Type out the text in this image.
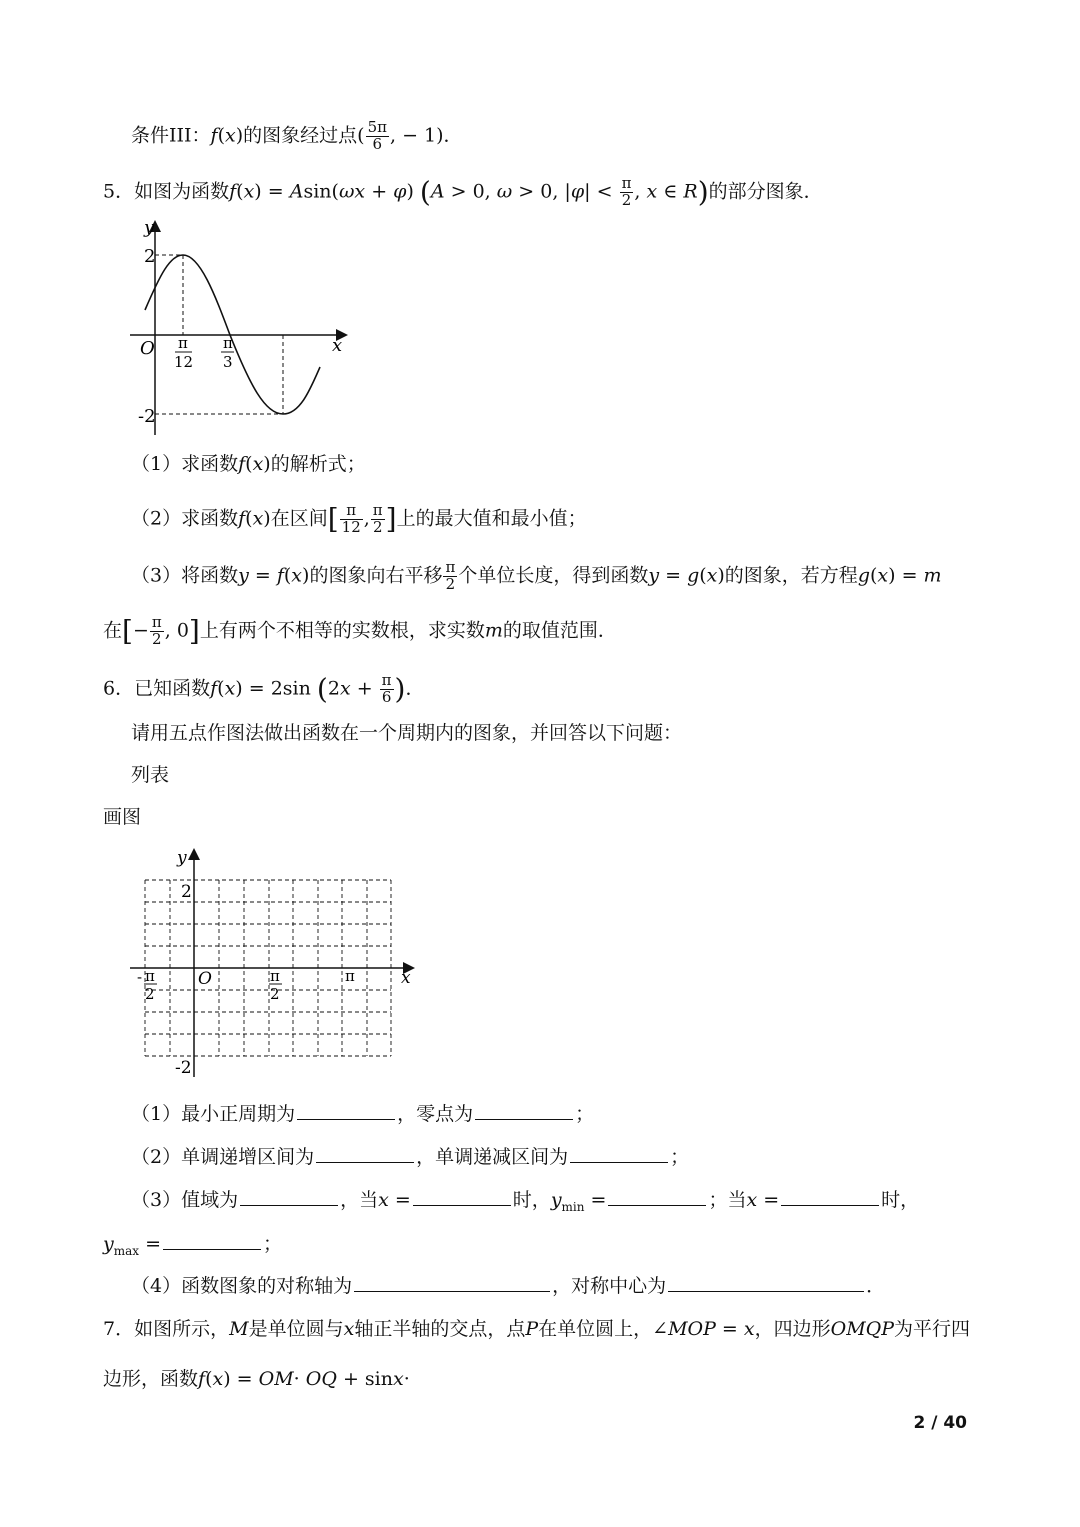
条件III：f(x)的图象经过点( $\frac{5\pi}{6}$ , − 1)．
5．如图为函数f(x) = Asin(ωx + φ) (A > 0, ω > 0, $|\varphi| < \frac{\pi}{2}$ , x ∈ R)的部分图象．
y
x
O
2
-2
π
12
π
3
（1）求函数f(x)的解析式；
（2）求函数f(x)在区间[ $\frac{\pi}{12}$ , $\frac{\pi}{2}$ ]上的最大值和最小值；
（3）将函数y = f(x)的图象向右平移 $\frac{\pi}{2}$ 个单位长度，得到函数y = g(x)的图象，若方程g(x) = m
在[− $\frac{\pi}{2}$ , 0]上有两个不相等的实数根，求实数m的取值范围．
6．已知函数f(x) = 2sin ($2x + \frac{\pi}{6}$ )．
请用五点作图法做出函数在一个周期内的图象，并回答以下问题：
列表
画图
y
x
O
2
-2
- π
2
π
2
π
（1）最小正周期为	，零点为	；
（2）单调递增区间为	，单调递减区间为	；
（3）值域为	，当x =	时，$y_{min}$ =	；当x =	时，
$y_{max}$ =	；
（4）函数图象的对称轴为	，对称中心为	．
7．如图所示，M是单位圆与x轴正半轴的交点，点P在单位圆上，∠MOP = x，四边形OMQP为平行四
边形，函数f(x) = OM· OQ + sinx·
2 / 40
